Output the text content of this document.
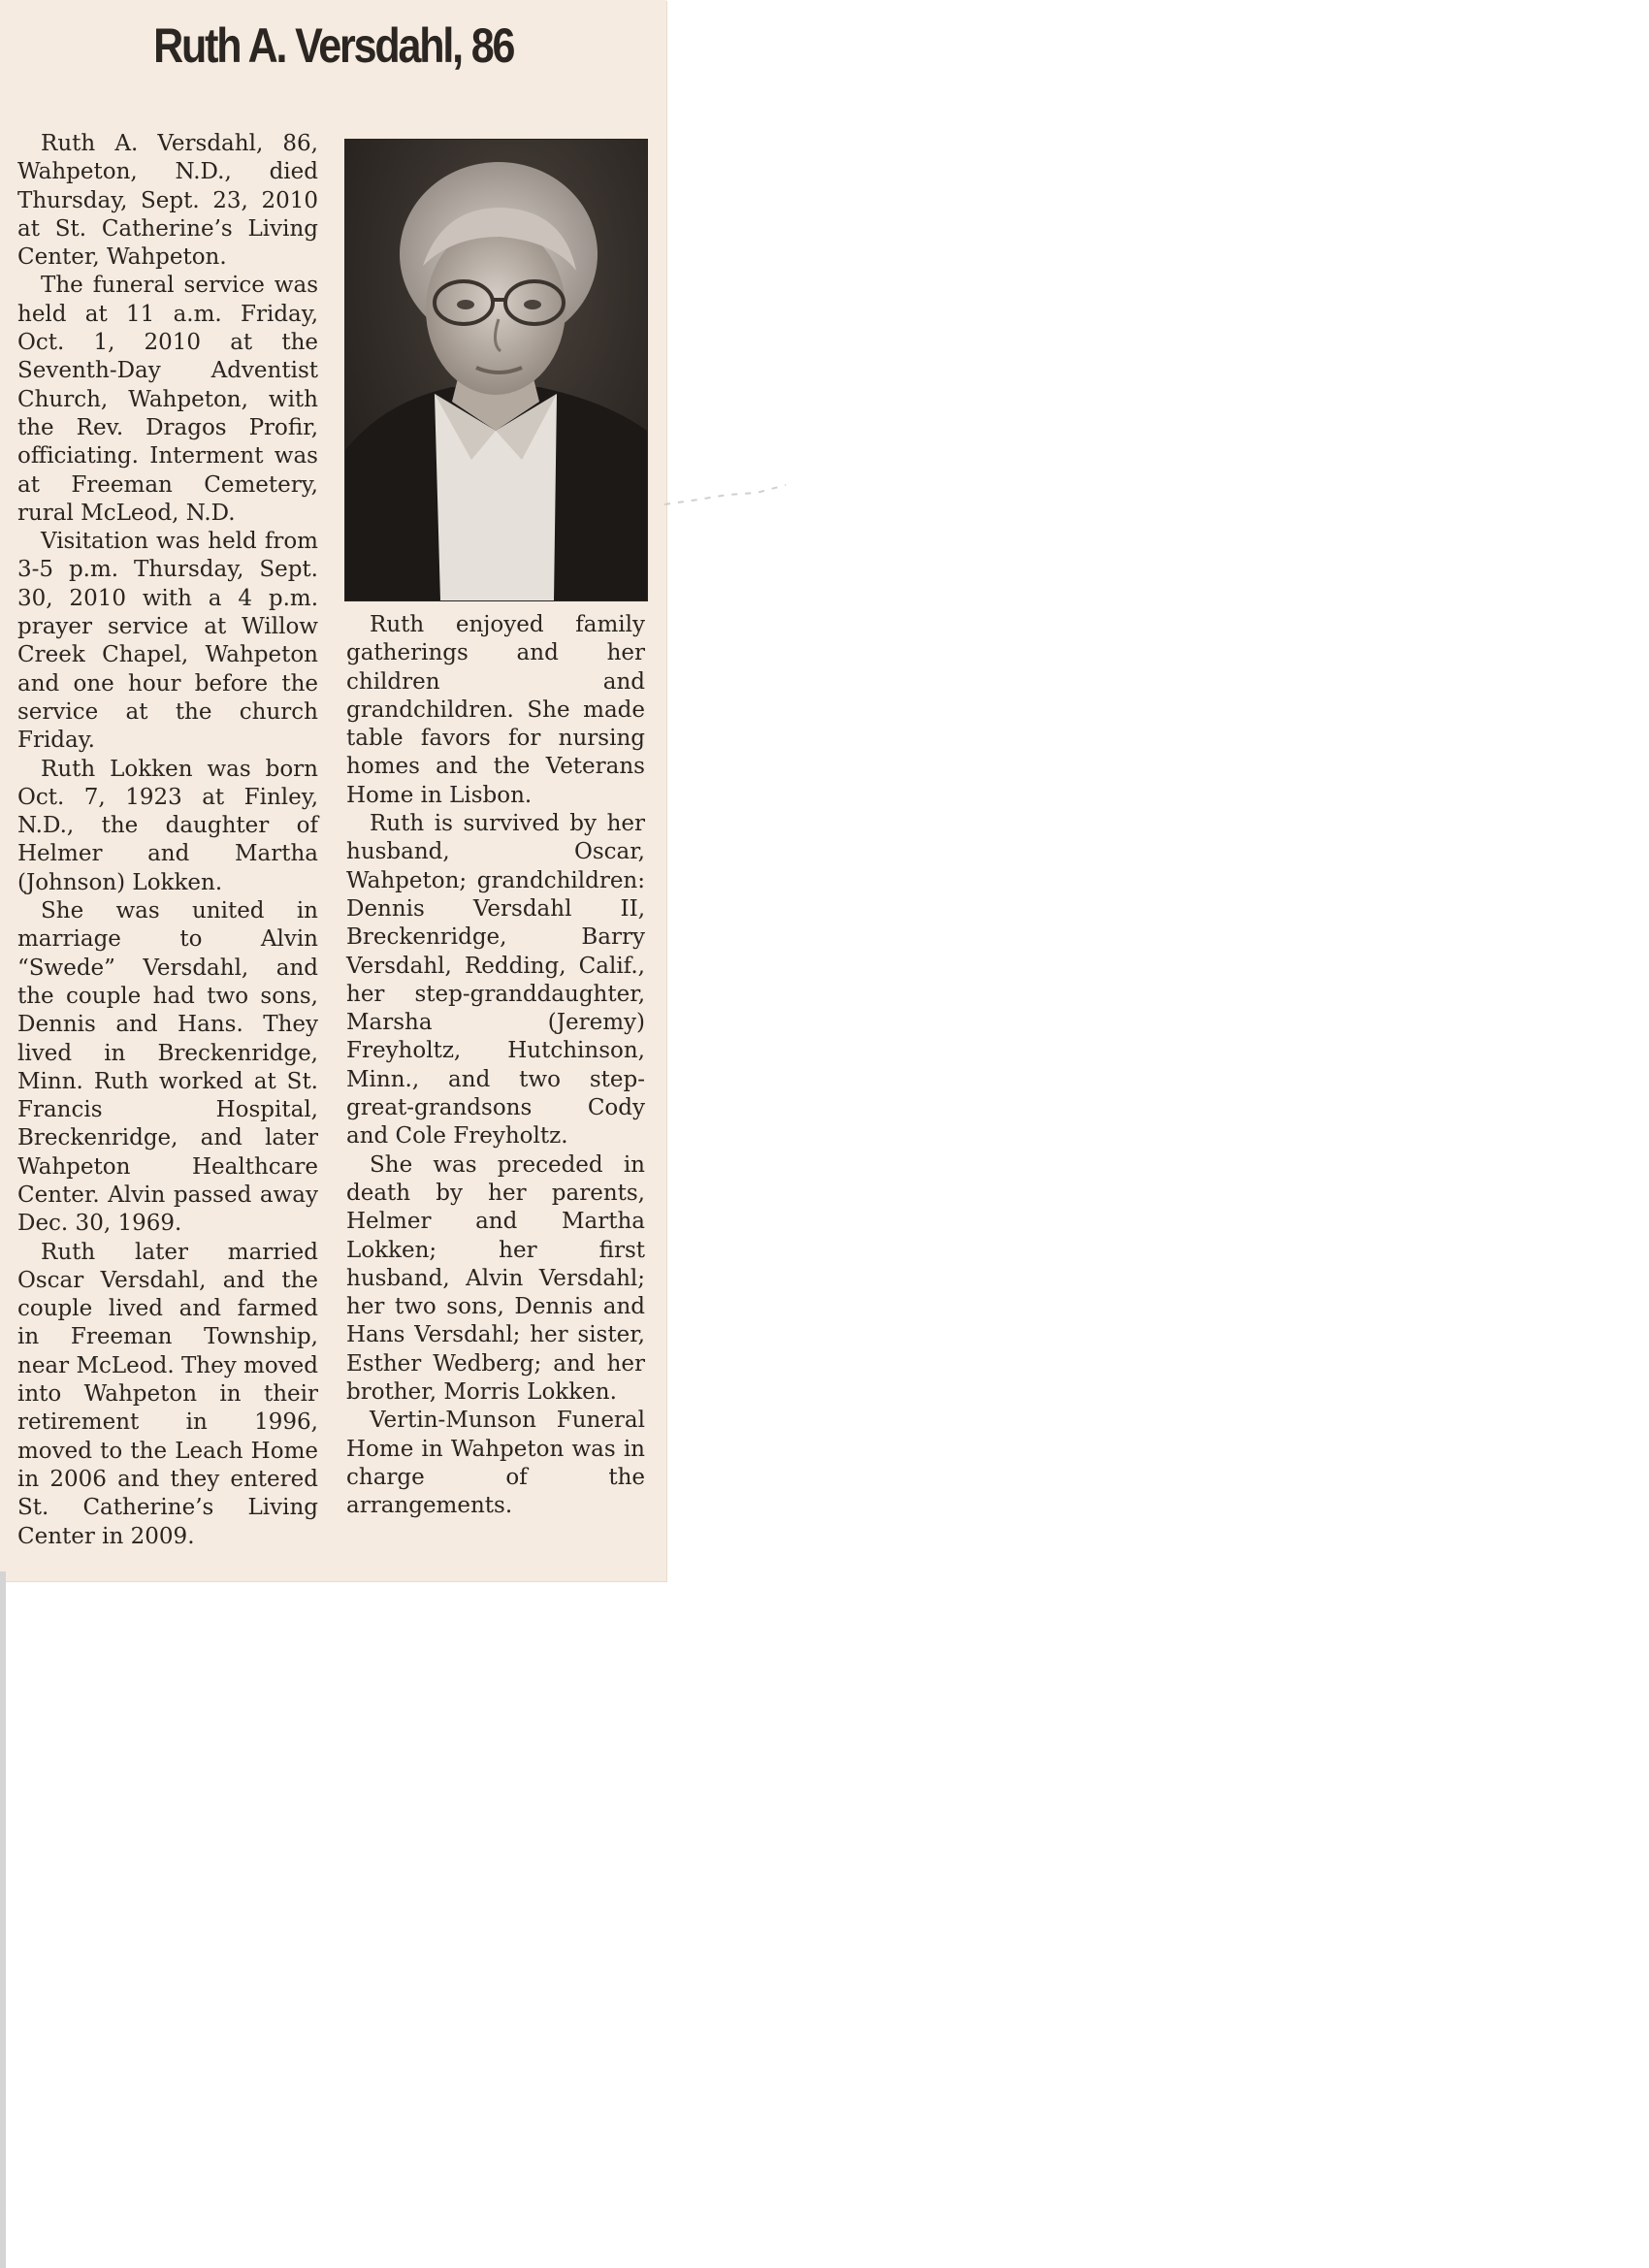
Ruth A. Versdahl, 86

Ruth A. Versdahl, 86, Wahpeton, N.D., died Thursday, Sept. 23, 2010 at St. Catherine’s Living Center, Wahpeton.

The funeral service was held at 11 a.m. Friday, Oct. 1, 2010 at the Seventh-Day Adventist Church, Wahpeton, with the Rev. Dragos Profir, officiating. Interment was at Freeman Cemetery, rural McLeod, N.D.

Visitation was held from 3-5 p.m. Thursday, Sept. 30, 2010 with a 4 p.m. prayer service at Willow Creek Chapel, Wahpeton and one hour before the service at the church Friday.

Ruth Lokken was born Oct. 7, 1923 at Finley, N.D., the daughter of Helmer and Martha (Johnson) Lokken.

She was united in marriage to Alvin “Swede” Versdahl, and the couple had two sons, Dennis and Hans. They lived in Breckenridge, Minn. Ruth worked at St. Francis Hospital, Breckenridge, and later Wahpeton Healthcare Center. Alvin passed away Dec. 30, 1969.

Ruth later married Oscar Versdahl, and the couple lived and farmed in Freeman Township, near McLeod. They moved into Wahpeton in their retirement in 1996, moved to the Leach Home in 2006 and they entered St. Catherine’s Living Center in 2009.

Ruth enjoyed family gatherings and her children and grandchildren. She made table favors for nursing homes and the Veterans Home in Lisbon.

Ruth is survived by her husband, Oscar, Wahpeton; grandchildren: Dennis Versdahl II, Breckenridge, Barry Versdahl, Redding, Calif., her step-granddaughter, Marsha (Jeremy) Freyholtz, Hutchinson, Minn., and two step-great-grandsons Cody and Cole Freyholtz.

She was preceded in death by her parents, Helmer and Martha Lokken; her first husband, Alvin Versdahl; her two sons, Dennis and Hans Versdahl; her sister, Esther Wedberg; and her brother, Morris Lokken.

Vertin-Munson Funeral Home in Wahpeton was in charge of the arrangements.
